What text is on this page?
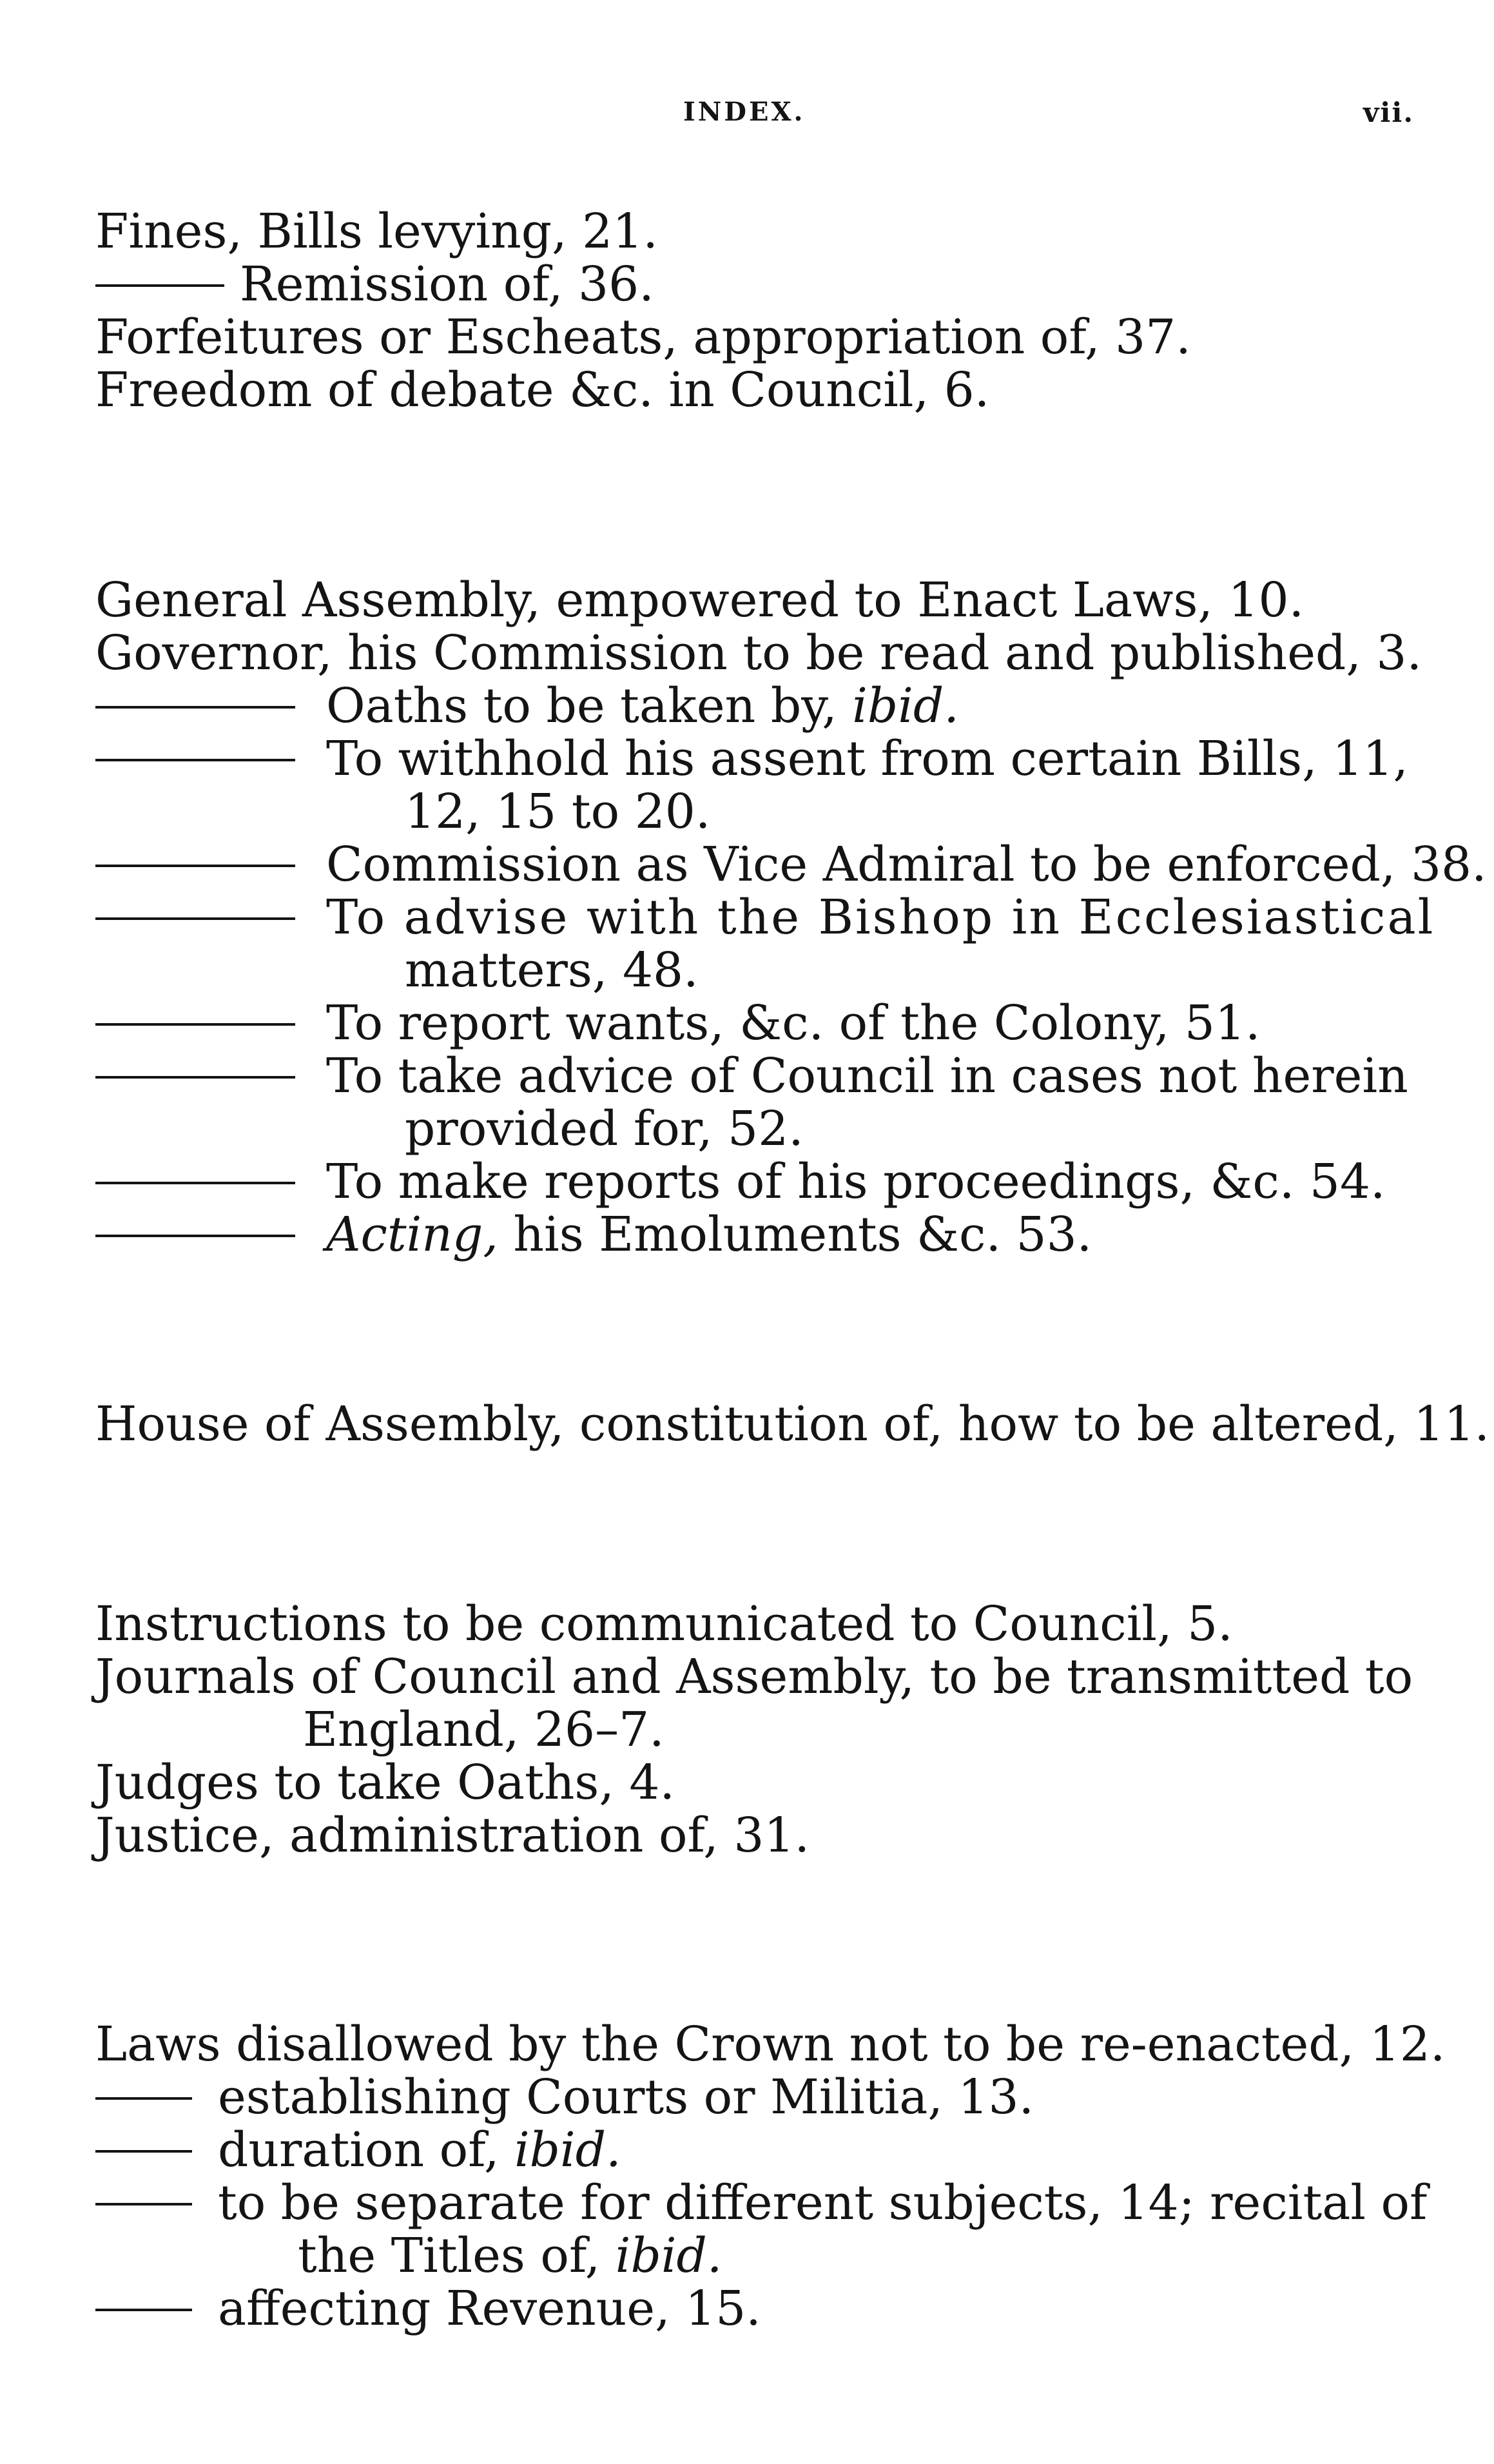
INDEX.	vii.
Fines, Bills levying, 21.
Remission of, 36.
Forfeitures or Escheats, appropriation of, 37.
Freedom of debate &c. in Council, 6.
General Assembly, empowered to Enact Laws, 10.
Governor, his Commission to be read and published, 3.
Oaths to be taken by, ibid.
To withhold his assent from certain Bills, 11,
12, 15 to 20.
Commission as Vice Admiral to be enforced, 38.
To advise with the Bishop in Ecclesiastical
matters, 48.
To report wants, &c. of the Colony, 51.
To take advice of Council in cases not herein
provided for, 52.
To make reports of his proceedings, &c. 54.
Acting, his Emoluments &c. 53.
House of Assembly, constitution of, how to be altered, 11.
Instructions to be communicated to Council, 5.
Journals of Council and Assembly, to be transmitted to
England, 26–7.
Judges to take Oaths, 4.
Justice, administration of, 31.
Laws disallowed by the Crown not to be re-enacted, 12.
establishing Courts or Militia, 13.
duration of, ibid.
to be separate for different subjects, 14; recital of
the Titles of, ibid.
affecting Revenue, 15.
